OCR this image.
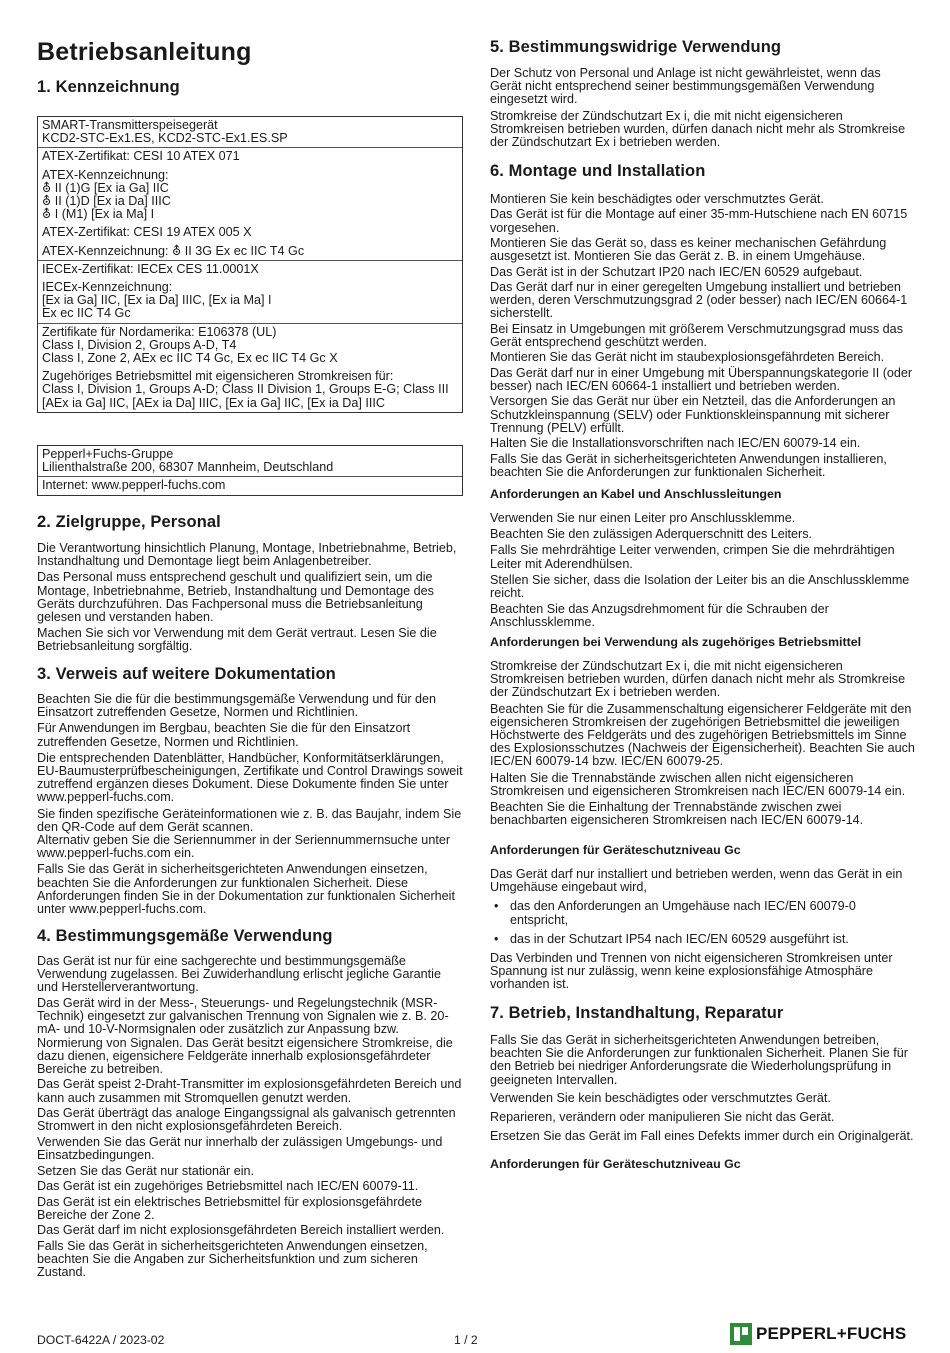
Betriebsanleitung
1. Kennzeichnung

SMART-Transmitterspeisegerät
KCD2-STC-Ex1.ES, KCD2-STC-Ex1.ES.SP

ATEX-Zertifikat: CESI 10 ATEX 071

ATEX-Kennzeichnung:
⛢ II (1)G [Ex ia Ga] IIC
⛢ II (1)D [Ex ia Da] IIIC
⛢ I (M1) [Ex ia Ma] I

ATEX-Zertifikat: CESI 19 ATEX 005 X

ATEX-Kennzeichnung: ⛢ II 3G Ex ec IIC T4 Gc

IECEx-Zertifikat: IECEx CES 11.0001X

IECEx-Kennzeichnung:
[Ex ia Ga] IIC, [Ex ia Da] IIIC, [Ex ia Ma] I
Ex ec IIC T4 Gc

Zertifikate für Nordamerika: E106378 (UL)
Class I, Division 2, Groups A-D, T4
Class I, Zone 2, AEx ec IIC T4 Gc, Ex ec IIC T4 Gc X

Zugehöriges Betriebsmittel mit eigensicheren Stromkreisen für:
Class I, Division 1, Groups A-D; Class II Division 1, Groups E-G; Class III
[AEx ia Ga] IIC, [AEx ia Da] IIIC, [Ex ia Ga] IIC, [Ex ia Da] IIIC

Pepperl+Fuchs-Gruppe
Lilienthalstraße 200, 68307 Mannheim, Deutschland

Internet: www.pepperl-fuchs.com

2. Zielgruppe, Personal

Die Verantwortung hinsichtlich Planung, Montage, Inbetriebnahme, Betrieb, Instandhaltung und Demontage liegt beim Anlagenbetreiber.

Das Personal muss entsprechend geschult und qualifiziert sein, um die Montage, Inbetriebnahme, Betrieb, Instandhaltung und Demontage des Geräts durchzuführen. Das Fachpersonal muss die Betriebsanleitung gelesen und verstanden haben.

Machen Sie sich vor Verwendung mit dem Gerät vertraut. Lesen Sie die Betriebsanleitung sorgfältig.

3. Verweis auf weitere Dokumentation

Beachten Sie die für die bestimmungsgemäße Verwendung und für den Einsatzort zutreffenden Gesetze, Normen und Richtlinien.

Für Anwendungen im Bergbau, beachten Sie die für den Einsatzort zutreffenden Gesetze, Normen und Richtlinien.

Die entsprechenden Datenblätter, Handbücher, Konformitätserklärungen, EU-Baumusterprüfbescheinigungen, Zertifikate und Control Drawings soweit zutreffend ergänzen dieses Dokument. Diese Dokumente finden Sie unter www.pepperl-fuchs.com.

Sie finden spezifische Geräteinformationen wie z. B. das Baujahr, indem Sie den QR-Code auf dem Gerät scannen.
Alternativ geben Sie die Seriennummer in der Seriennummernsuche unter www.pepperl-fuchs.com ein.

Falls Sie das Gerät in sicherheitsgerichteten Anwendungen einsetzen, beachten Sie die Anforderungen zur funktionalen Sicherheit. Diese Anforderungen finden Sie in der Dokumentation zur funktionalen Sicherheit unter www.pepperl-fuchs.com.

4. Bestimmungsgemäße Verwendung

Das Gerät ist nur für eine sachgerechte und bestimmungsgemäße Verwendung zugelassen. Bei Zuwiderhandlung erlischt jegliche Garantie und Herstellerverantwortung.

Das Gerät wird in der Mess-, Steuerungs- und Regelungstechnik (MSR-Technik) eingesetzt zur galvanischen Trennung von Signalen wie z. B. 20-mA- und 10-V-Normsignalen oder zusätzlich zur Anpassung bzw. Normierung von Signalen. Das Gerät besitzt eigensichere Stromkreise, die dazu dienen, eigensichere Feldgeräte innerhalb explosionsgefährdeter Bereiche zu betreiben.

Das Gerät speist 2-Draht-Transmitter im explosionsgefährdeten Bereich und kann auch zusammen mit Stromquellen genutzt werden.

Das Gerät überträgt das analoge Eingangssignal als galvanisch getrennten Stromwert in den nicht explosionsgefährdeten Bereich.

Verwenden Sie das Gerät nur innerhalb der zulässigen Umgebungs- und Einsatzbedingungen.

Setzen Sie das Gerät nur stationär ein.

Das Gerät ist ein zugehöriges Betriebsmittel nach IEC/EN 60079-11.

Das Gerät ist ein elektrisches Betriebsmittel für explosionsgefährdete Bereiche der Zone 2.

Das Gerät darf im nicht explosionsgefährdeten Bereich installiert werden.

Falls Sie das Gerät in sicherheitsgerichteten Anwendungen einsetzen, beachten Sie die Angaben zur Sicherheitsfunktion und zum sicheren Zustand.

5. Bestimmungswidrige Verwendung

Der Schutz von Personal und Anlage ist nicht gewährleistet, wenn das Gerät nicht entsprechend seiner bestimmungsgemäßen Verwendung eingesetzt wird.

Stromkreise der Zündschutzart Ex i, die mit nicht eigensicheren Stromkreisen betrieben wurden, dürfen danach nicht mehr als Stromkreise der Zündschutzart Ex i betrieben werden.

6. Montage und Installation

Montieren Sie kein beschädigtes oder verschmutztes Gerät.

Das Gerät ist für die Montage auf einer 35-mm-Hutschiene nach EN 60715 vorgesehen.

Montieren Sie das Gerät so, dass es keiner mechanischen Gefährdung ausgesetzt ist. Montieren Sie das Gerät z. B. in einem Umgehäuse.

Das Gerät ist in der Schutzart IP20 nach IEC/EN 60529 aufgebaut.

Das Gerät darf nur in einer geregelten Umgebung installiert und betrieben werden, deren Verschmutzungsgrad 2 (oder besser) nach IEC/EN 60664-1 sicherstellt.

Bei Einsatz in Umgebungen mit größerem Verschmutzungsgrad muss das Gerät entsprechend geschützt werden.

Montieren Sie das Gerät nicht im staubexplosionsgefährdeten Bereich.

Das Gerät darf nur in einer Umgebung mit Überspannungskategorie II (oder besser) nach IEC/EN 60664-1 installiert und betrieben werden.

Versorgen Sie das Gerät nur über ein Netzteil, das die Anforderungen an Schutzkleinspannung (SELV) oder Funktionskleinspannung mit sicherer Trennung (PELV) erfüllt.

Halten Sie die Installationsvorschriften nach IEC/EN 60079-14 ein.

Falls Sie das Gerät in sicherheitsgerichteten Anwendungen installieren, beachten Sie die Anforderungen zur funktionalen Sicherheit.

Anforderungen an Kabel und Anschlussleitungen

Verwenden Sie nur einen Leiter pro Anschlussklemme.

Beachten Sie den zulässigen Aderquerschnitt des Leiters.

Falls Sie mehrdrähtige Leiter verwenden, crimpen Sie die mehrdrähtigen Leiter mit Aderendhülsen.

Stellen Sie sicher, dass die Isolation der Leiter bis an die Anschlussklemme reicht.

Beachten Sie das Anzugsdrehmoment für die Schrauben der Anschlussklemme.

Anforderungen bei Verwendung als zugehöriges Betriebsmittel

Stromkreise der Zündschutzart Ex i, die mit nicht eigensicheren Stromkreisen betrieben wurden, dürfen danach nicht mehr als Stromkreise der Zündschutzart Ex i betrieben werden.

Beachten Sie für die Zusammenschaltung eigensicherer Feldgeräte mit den eigensicheren Stromkreisen der zugehörigen Betriebsmittel die jeweiligen Höchstwerte des Feldgeräts und des zugehörigen Betriebsmittels im Sinne des Explosionsschutzes (Nachweis der Eigensicherheit). Beachten Sie auch IEC/EN 60079-14 bzw. IEC/EN 60079-25.

Halten Sie die Trennabstände zwischen allen nicht eigensicheren Stromkreisen und eigensicheren Stromkreisen nach IEC/EN 60079-14 ein.

Beachten Sie die Einhaltung der Trennabstände zwischen zwei benachbarten eigensicheren Stromkreisen nach IEC/EN 60079-14.

Anforderungen für Geräteschutzniveau Gc

Das Gerät darf nur installiert und betrieben werden, wenn das Gerät in ein Umgehäuse eingebaut wird,

• das den Anforderungen an Umgehäuse nach IEC/EN 60079-0 entspricht,
• das in der Schutzart IP54 nach IEC/EN 60529 ausgeführt ist.

Das Verbinden und Trennen von nicht eigensicheren Stromkreisen unter Spannung ist nur zulässig, wenn keine explosionsfähige Atmosphäre vorhanden ist.

7. Betrieb, Instandhaltung, Reparatur

Falls Sie das Gerät in sicherheitsgerichteten Anwendungen betreiben, beachten Sie die Anforderungen zur funktionalen Sicherheit. Planen Sie für den Betrieb bei niedriger Anforderungsrate die Wiederholungsprüfung in geeigneten Intervallen.

Verwenden Sie kein beschädigtes oder verschmutztes Gerät.

Reparieren, verändern oder manipulieren Sie nicht das Gerät.

Ersetzen Sie das Gerät im Fall eines Defekts immer durch ein Originalgerät.

Anforderungen für Geräteschutzniveau Gc
DOCT-6422A / 2023-02	1 / 2	PEPPERL+FUCHS
